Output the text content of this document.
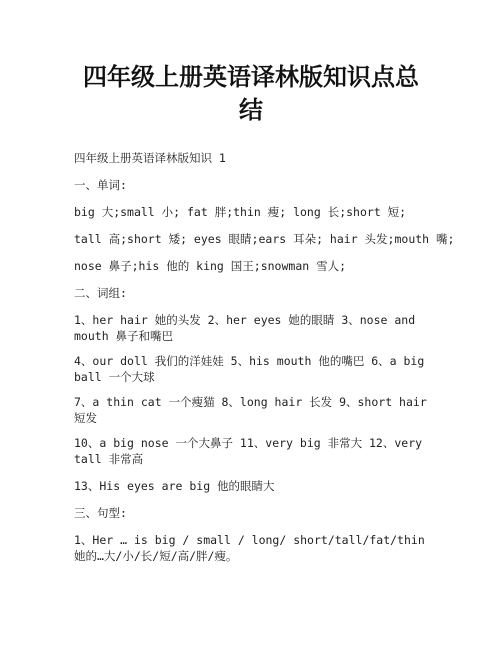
四年级上册英语译林版知识点总
结

四年级上册英语译林版知识 1

一、单词:

big 大;small 小; fat 胖;thin 瘦; long 长;short 短;

tall 高;short 矮; eyes 眼睛;ears 耳朵; hair 头发;mouth 嘴;

nose 鼻子;his 他的 king 国王;snowman 雪人;

二、词组:

1、her hair 她的头发 2、her eyes 她的眼睛 3、nose and

mouth 鼻子和嘴巴

4、our doll 我们的洋娃娃 5、his mouth 他的嘴巴 6、a big

ball 一个大球

7、a thin cat 一个瘦猫 8、long hair 长发 9、short hair

短发

10、a big nose 一个大鼻子 11、very big 非常大 12、very

tall 非常高

13、His eyes are big 他的眼睛大

三、句型:

1、Her … is big / small / long/ short/tall/fat/thin

她的…大/小/长/短/高/胖/瘦。
